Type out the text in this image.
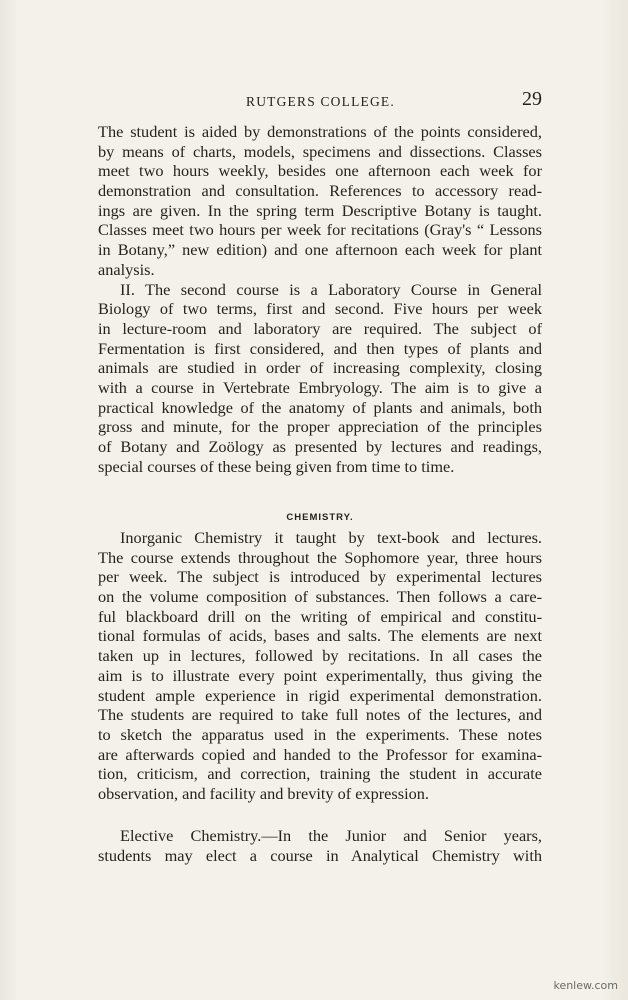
RUTGERS COLLEGE.	29
The student is aided by demonstrations of the points considered,
by means of charts, models, specimens and dissections. Classes
meet two hours weekly, besides one afternoon each week for
demonstration and consultation. References to accessory read-
ings are given. In the spring term Descriptive Botany is taught.
Classes meet two hours per week for recitations (Gray's “ Lessons
in Botany,” new edition) and one afternoon each week for plant
analysis.
II. The second course is a Laboratory Course in General
Biology of two terms, first and second. Five hours per week
in lecture-room and laboratory are required. The subject of
Fermentation is first considered, and then types of plants and
animals are studied in order of increasing complexity, closing
with a course in Vertebrate Embryology. The aim is to give a
practical knowledge of the anatomy of plants and animals, both
gross and minute, for the proper appreciation of the principles
of Botany and Zoölogy as presented by lectures and readings,
special courses of these being given from time to time.
CHEMISTRY.
Inorganic Chemistry it taught by text-book and lectures.
The course extends throughout the Sophomore year, three hours
per week. The subject is introduced by experimental lectures
on the volume composition of substances. Then follows a care-
ful blackboard drill on the writing of empirical and constitu-
tional formulas of acids, bases and salts. The elements are next
taken up in lectures, followed by recitations. In all cases the
aim is to illustrate every point experimentally, thus giving the
student ample experience in rigid experimental demonstration.
The students are required to take full notes of the lectures, and
to sketch the apparatus used in the experiments. These notes
are afterwards copied and handed to the Professor for examina-
tion, criticism, and correction, training the student in accurate
observation, and facility and brevity of expression.
Elective Chemistry.—In the Junior and Senior years,
students may elect a course in Analytical Chemistry with
kenlew.com
